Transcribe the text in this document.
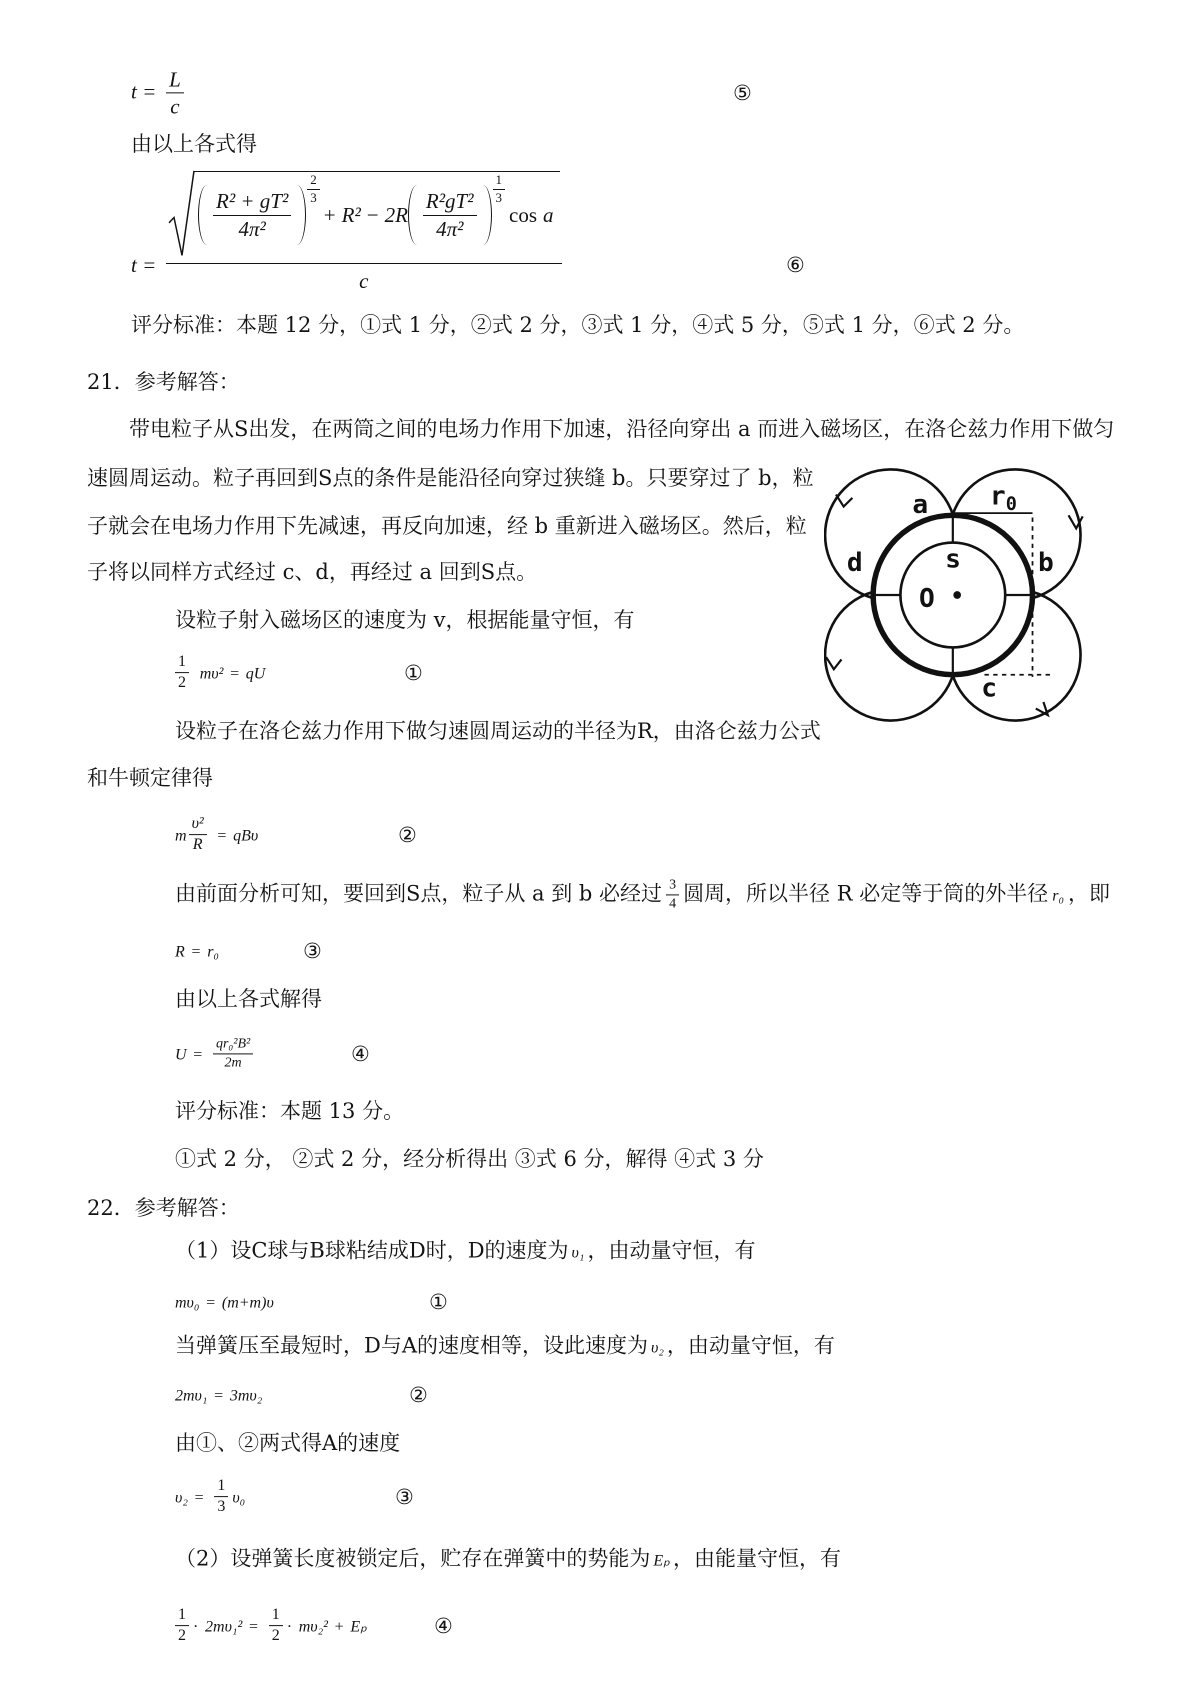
$t = \frac{L}{c}$	⑤
由以上各式得
t =
$\frac{\text{R² + gT²}}{\text{4π²}} \frac{2}{3}$
+ $R^2 - 2R \frac{\text{R²gT²}}{\text{4π²}} \frac{1}{3}$
cos a
c
⑥
评分标准：本题 12 分，①式 1 分，②式 2 分，③式 1 分，④式 5 分，⑤式 1 分，⑥式 2 分。
21．参考解答：
带电粒子从S出发，在两筒之间的电场力作用下加速，沿径向穿出 a 而进入磁场区，在洛仑兹力作用下做匀
速圆周运动。粒子再回到S点的条件是能沿径向穿过狭缝 b。只要穿过了 b，粒
子就会在电场力作用下先减速，再反向加速，经 b 重新进入磁场区。然后，粒
子将以同样方式经过 c、d，再经过 a 回到S点。
a	$r_0$
b
d	s
O
c
设粒子射入磁场区的速度为 v，根据能量守恒，有
$\frac{1}{2} m\upsilon^2$ = qU	①
设粒子在洛仑兹力作用下做匀速圆周运动的半径为R，由洛仑兹力公式
和牛顿定律得
m $\frac{\text{υ²}}{R} = qB\upsilon$	②
由前面分析可知，要回到S点，粒子从 a 到 b 必经过 $\frac{3}{4}$ 圆周，所以半径 R 必定等于筒的外半径 r₀ ，即
R = r₀	③
由以上各式解得
$U = \frac{\text{qr₀²B²}}{2m}$	④
评分标准：本题 13 分。
①式 2 分， ②式 2 分，经分析得出 ③式 6 分，解得 ④式 3 分
22．参考解答：
（1）设C球与B球粘结成D时，D的速度为 υ₁ ，由动量守恒，有
mυ₀ = (m+m)υ	①
当弹簧压至最短时，D与A的速度相等，设此速度为 υ₂ ，由动量守恒，有
2mυ₁ = 3mυ₂	②
由①、②两式得A的速度
$\upsilon_2 = \frac{1}{3} \upsilon_0$	③
（2）设弹簧长度被锁定后，贮存在弹簧中的势能为 Eₚ ，由能量守恒，有
$\frac{1}{2} \cdot 2m\upsilon_1^2 = \frac{1}{2} \cdot m\upsilon_2^2 + E_p$	④
